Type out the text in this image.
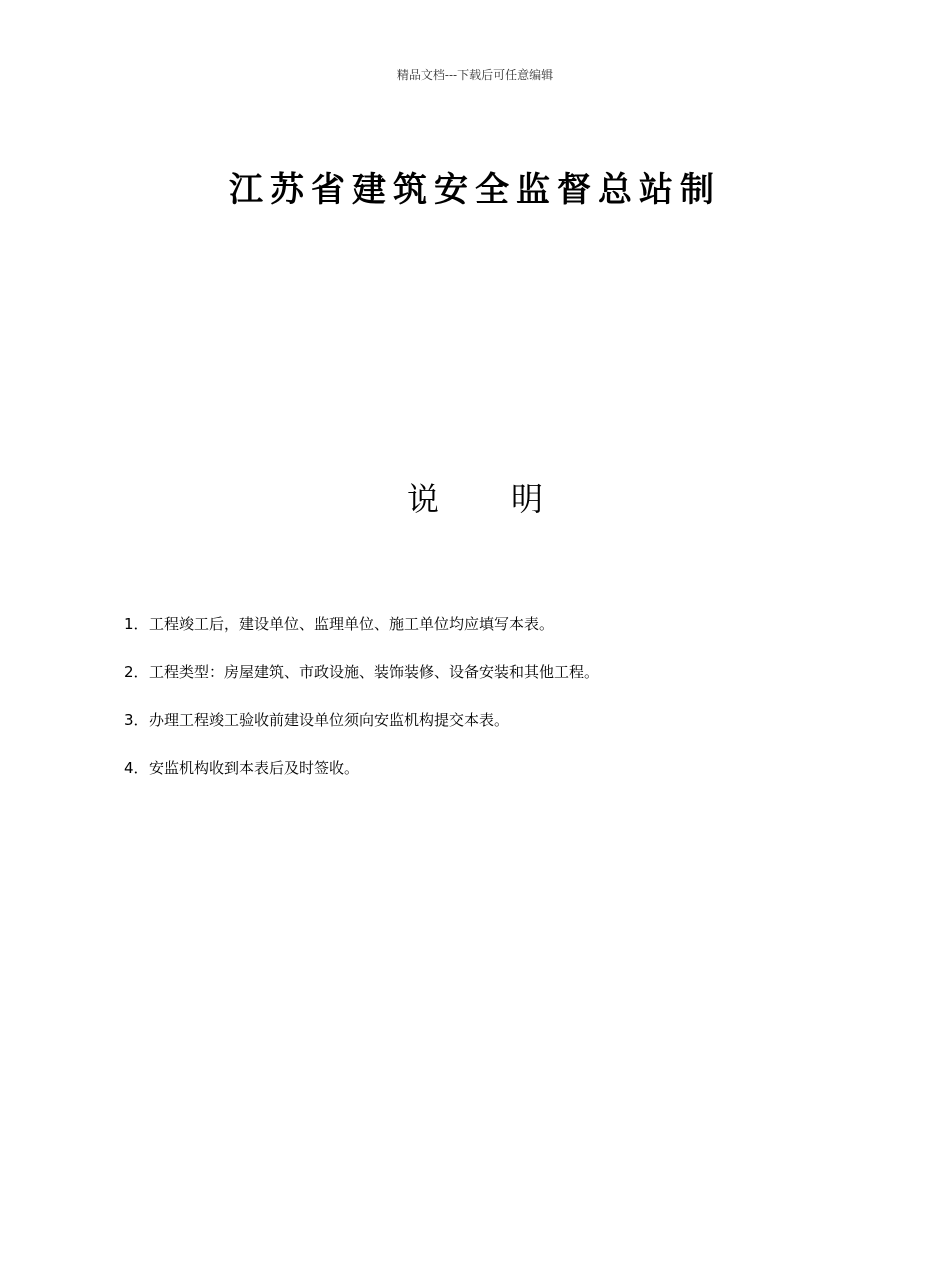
精品文档---下载后可任意编辑
江苏省建筑安全监督总站制
说 明
1．工程竣工后，建设单位、监理单位、施工单位均应填写本表。
2．工程类型：房屋建筑、市政设施、装饰装修、设备安装和其他工程。
3．办理工程竣工验收前建设单位须向安监机构提交本表。
4．安监机构收到本表后及时签收。
